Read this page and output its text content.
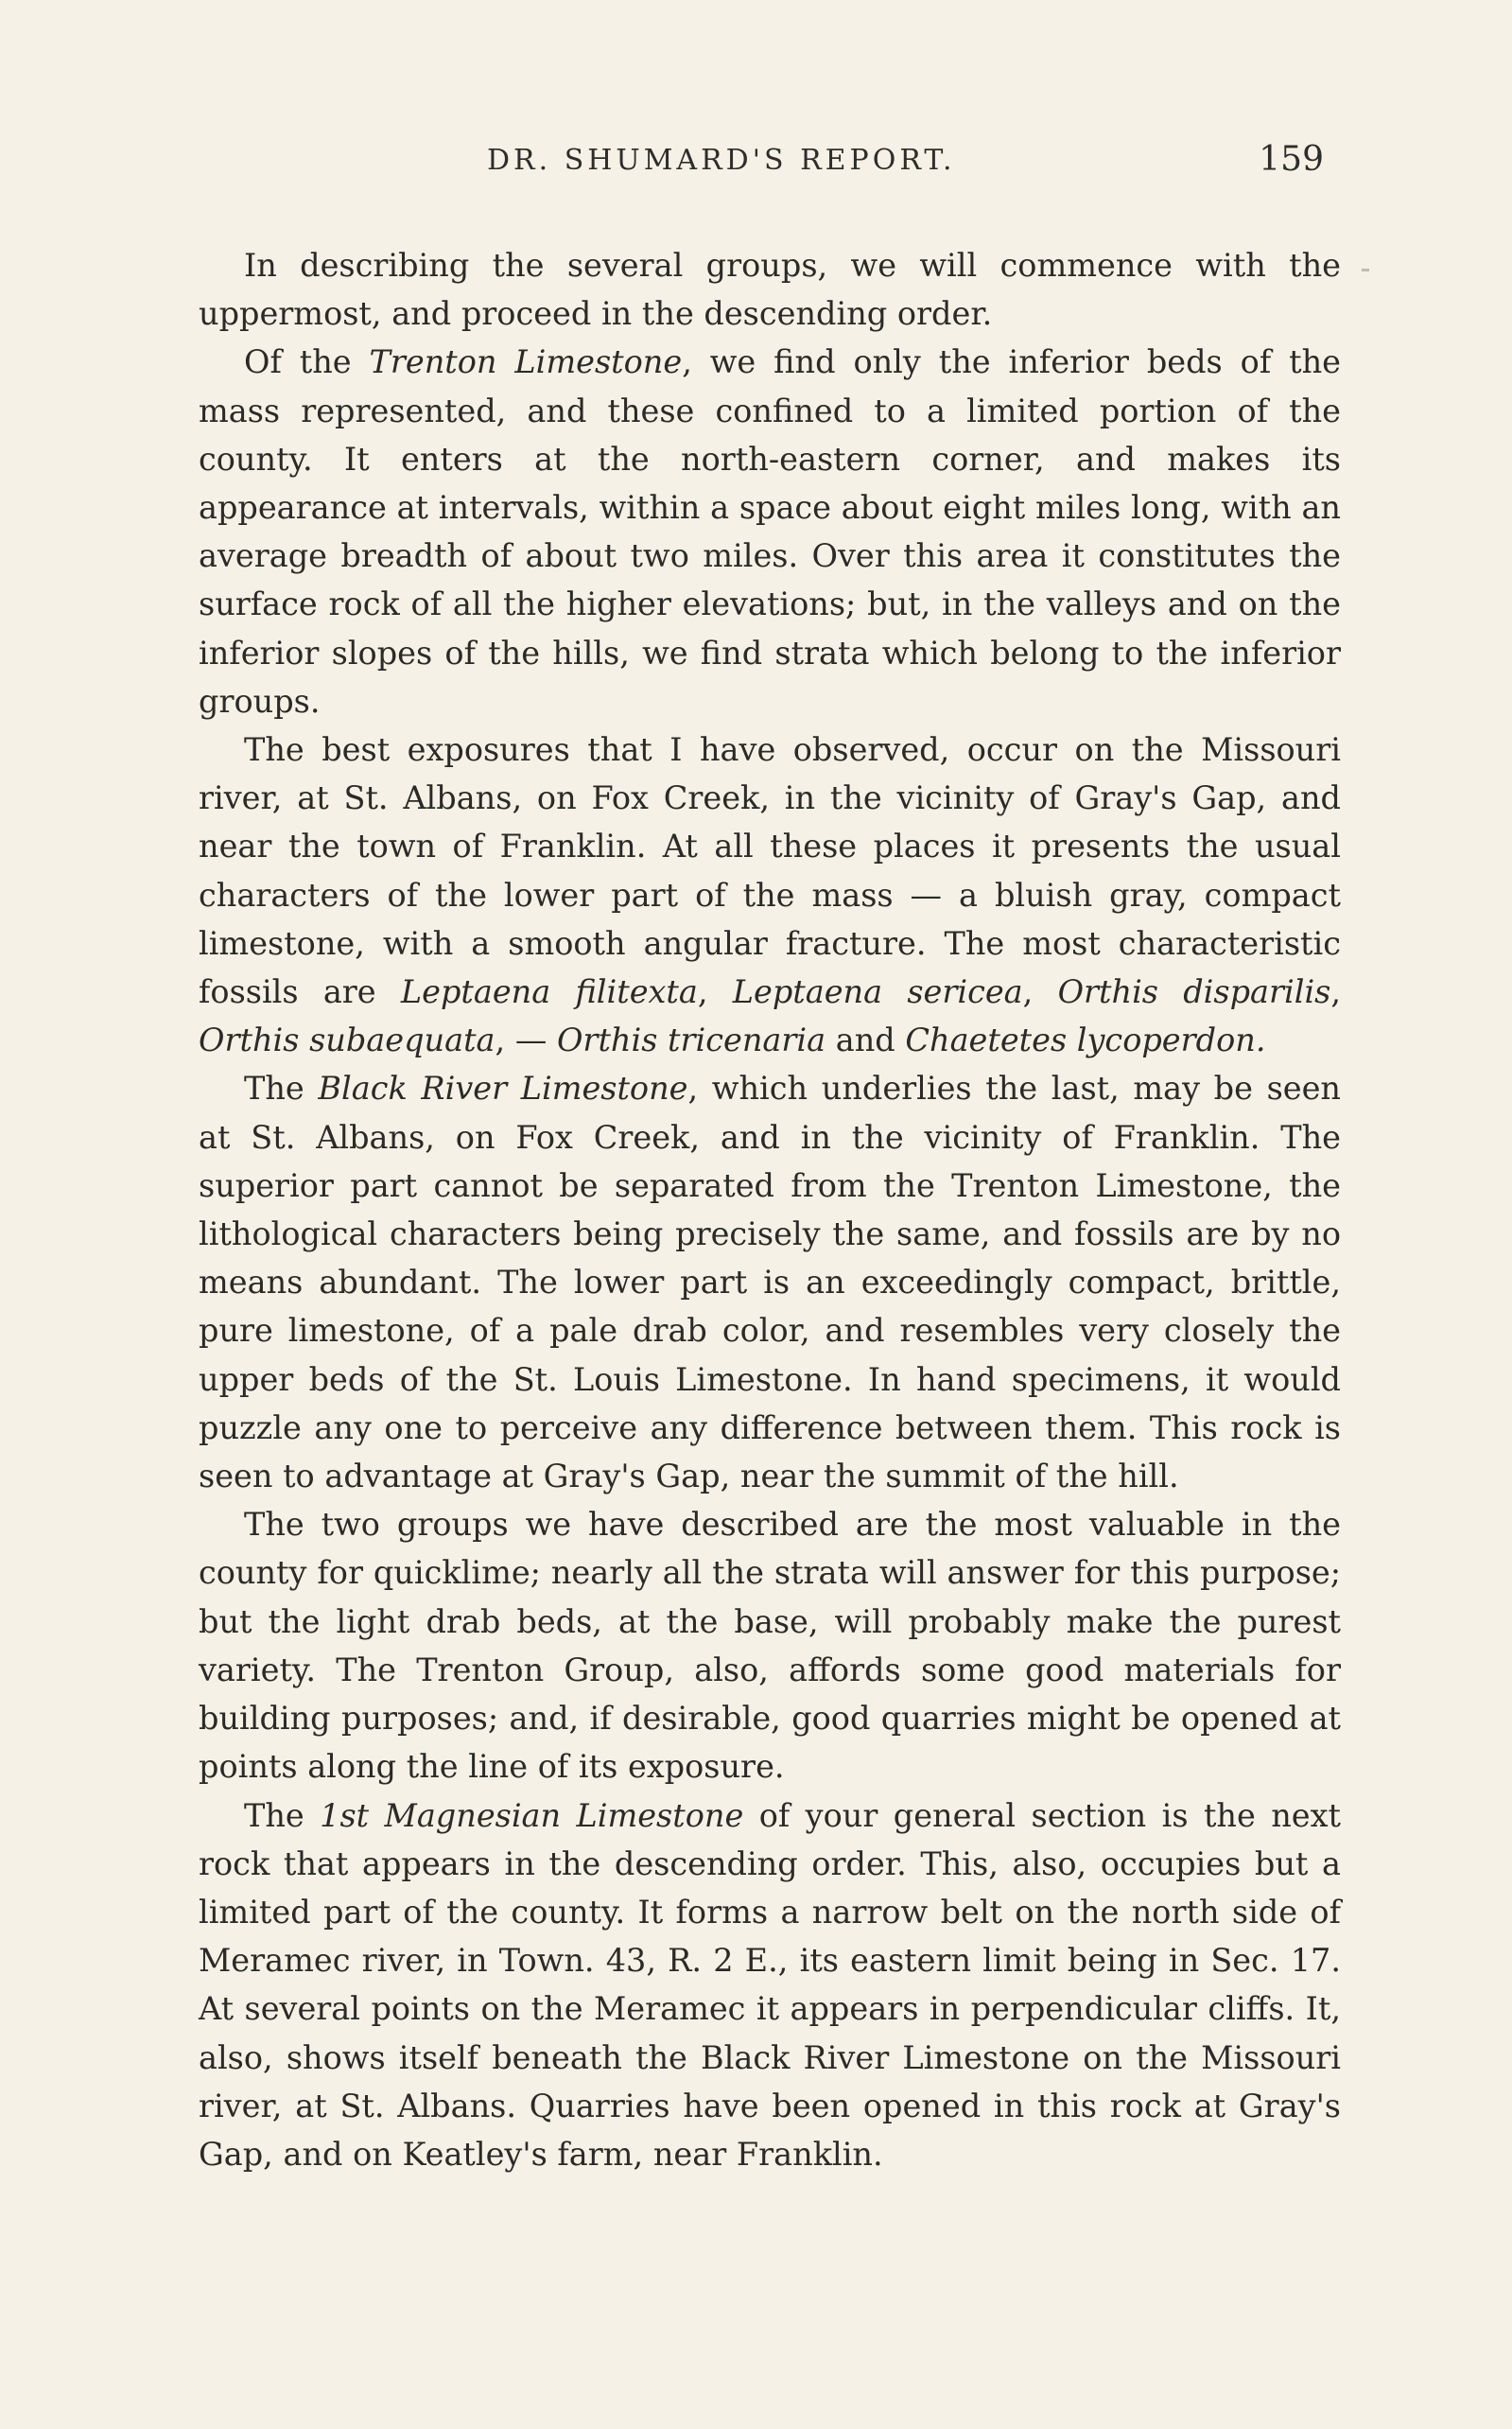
DR. SHUMARD'S REPORT.	159

In describing the several groups, we will commence with the uppermost, and proceed in the descending order.

Of the Trenton Limestone, we find only the inferior beds of the mass represented, and these confined to a limited portion of the county. It enters at the north-eastern corner, and makes its appearance at intervals, within a space about eight miles long, with an average breadth of about two miles. Over this area it constitutes the surface rock of all the higher elevations; but, in the valleys and on the inferior slopes of the hills, we find strata which belong to the inferior groups.

The best exposures that I have observed, occur on the Missouri river, at St. Albans, on Fox Creek, in the vicinity of Gray's Gap, and near the town of Franklin. At all these places it presents the usual characters of the lower part of the mass — a bluish gray, compact limestone, with a smooth angular fracture. The most characteristic fossils are Leptaena filitexta, Leptaena sericea, Orthis disparilis, Orthis subaequata, — Orthis tricenaria and Chaetetes lycoperdon.

The Black River Limestone, which underlies the last, may be seen at St. Albans, on Fox Creek, and in the vicinity of Franklin. The superior part cannot be separated from the Trenton Limestone, the lithological characters being precisely the same, and fossils are by no means abundant. The lower part is an exceedingly compact, brittle, pure limestone, of a pale drab color, and resembles very closely the upper beds of the St. Louis Limestone. In hand specimens, it would puzzle any one to perceive any difference between them. This rock is seen to advantage at Gray's Gap, near the summit of the hill.

The two groups we have described are the most valuable in the county for quicklime; nearly all the strata will answer for this purpose; but the light drab beds, at the base, will probably make the purest variety. The Trenton Group, also, affords some good materials for building purposes; and, if desirable, good quarries might be opened at points along the line of its exposure.

The 1st Magnesian Limestone of your general section is the next rock that appears in the descending order. This, also, occupies but a limited part of the county. It forms a narrow belt on the north side of Meramec river, in Town. 43, R. 2 E., its eastern limit being in Sec. 17. At several points on the Meramec it appears in perpendicular cliffs. It, also, shows itself beneath the Black River Limestone on the Missouri river, at St. Albans. Quarries have been opened in this rock at Gray's Gap, and on Keatley's farm, near Franklin.
